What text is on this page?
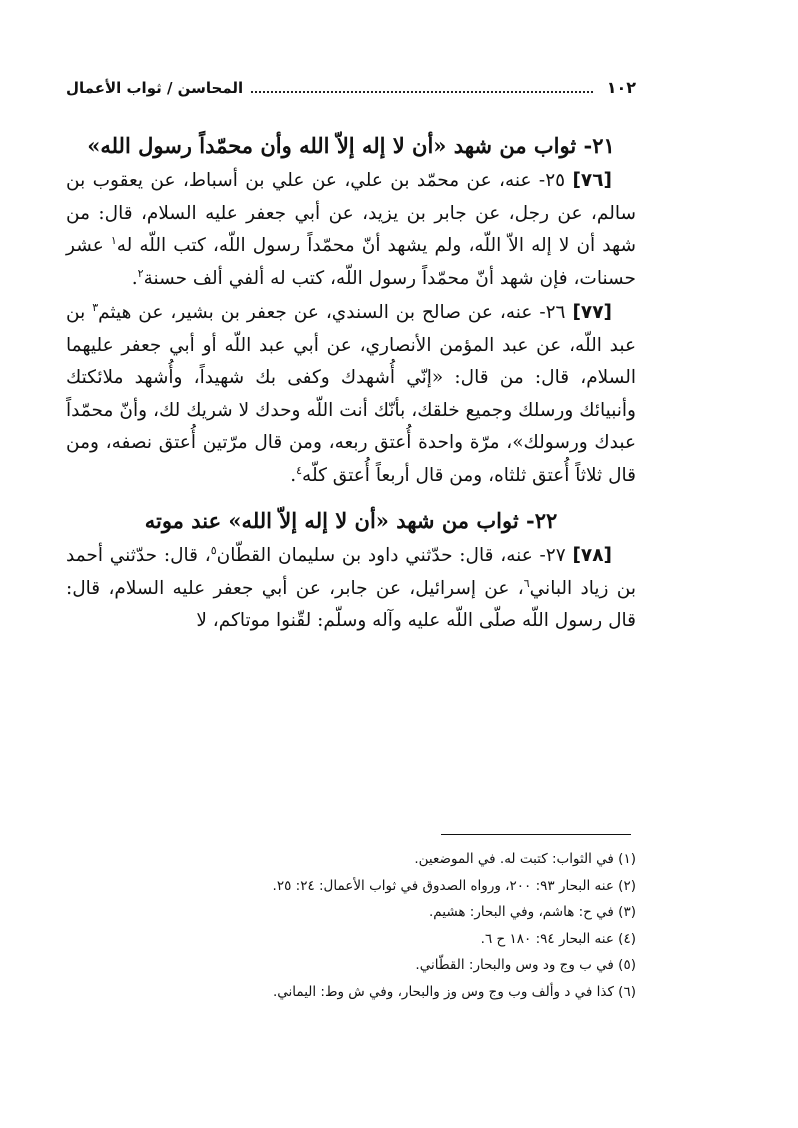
١٠٢
المحاسن / ثواب الأعمال
٢١- ثواب من شهد «أن لا إله إلاّ الله وأن محمّداً رسول الله»

[٧٦] ٢٥- عنه، عن محمّد بن علي، عن علي بن أسباط، عن يعقوب بن سالم، عن رجل، عن جابر بن يزيد، عن أبي جعفر عليه السلام، قال: من شهد أن لا إله الاّ اللّه، ولم يشهد أنّ محمّداً رسول اللّه، كتب اللّه له$^١$ عشر حسنات، فإن شهد أنّ محمّداً رسول اللّه، كتب له ألفي ألف حسنة$^٢$.

[٧٧] ٢٦- عنه، عن صالح بن السندي، عن جعفر بن بشير، عن هيثم$^٣$ بن عبد اللّه، عن عبد المؤمن الأنصاري، عن أبي عبد اللّه أو أبي جعفر عليهما السلام، قال: من قال: «إنّي أُشهدك وكفى بك شهيداً، وأُشهد ملائكتك وأنبيائك ورسلك وجميع خلقك، بأنّك أنت اللّه وحدك لا شريك لك، وأنّ محمّداً عبدك ورسولك»، مرّة واحدة أُعتق ربعه، ومن قال مرّتين أُعتق نصفه، ومن قال ثلاثاً أُعتق ثلثاه، ومن قال أربعاً أُعتق كلّه$^٤$.

٢٢- ثواب من شهد «أن لا إله إلاّ الله» عند موته

[٧٨] ٢٧- عنه، قال: حدّثني داود بن سليمان القطّان$^٥$، قال: حدّثني أحمد بن زياد الباني$^٦$، عن إسرائيل، عن جابر، عن أبي جعفر عليه السلام، قال: قال رسول اللّه صلّى اللّه عليه وآله وسلّم: لقّنوا موتاكم، لا

(١) في الثواب: كتبت له. في الموضعين.
(٢) عنه البحار ٩٣: ٢٠٠، ورواه الصدوق في ثواب الأعمال: ٢٤: ٢٥.
(٣) في ح: هاشم، وفي البحار: هشيم.
(٤) عنه البحار ٩٤: ١٨٠ ح ٦.
(٥) في ب وج ود وس والبحار: القطّاني.
(٦) كذا في د وألف وب وج وس وز والبحار، وفي ش وط: اليماني.
